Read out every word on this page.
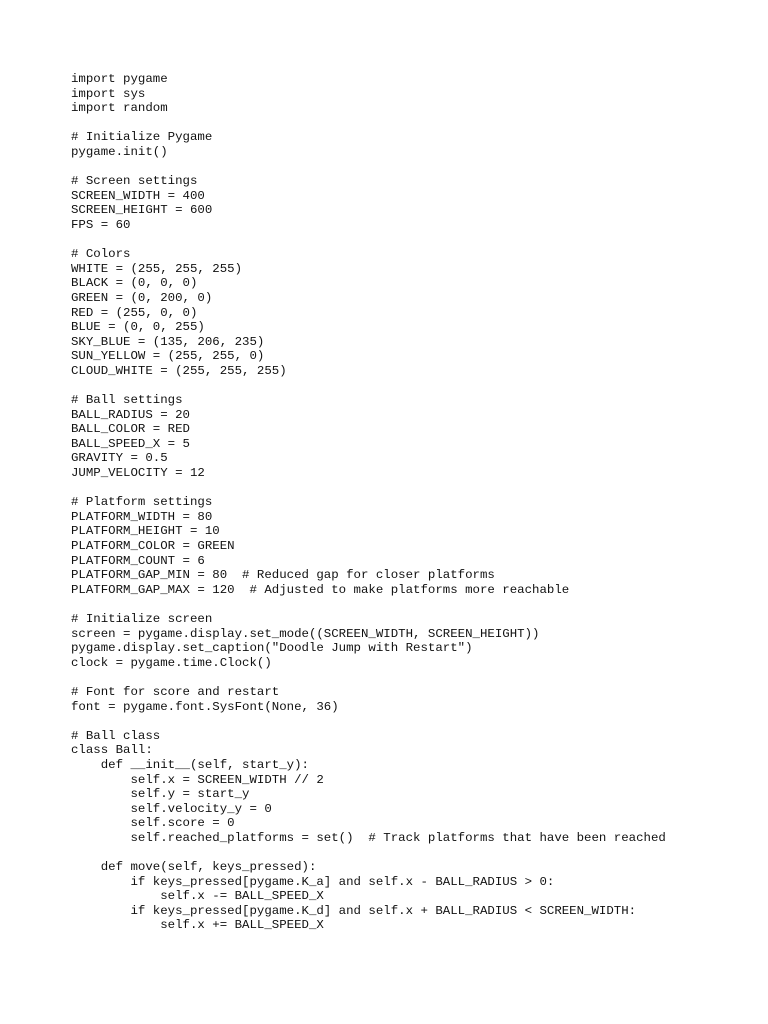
import pygame
import sys
import random
# Initialize Pygame
pygame.init()
# Screen settings
SCREEN_WIDTH = 400
SCREEN_HEIGHT = 600
FPS = 60
# Colors
WHITE = (255, 255, 255)
BLACK = (0, 0, 0)
GREEN = (0, 200, 0)
RED = (255, 0, 0)
BLUE = (0, 0, 255)
SKY_BLUE = (135, 206, 235)
SUN_YELLOW = (255, 255, 0)
CLOUD_WHITE = (255, 255, 255)
# Ball settings
BALL_RADIUS = 20
BALL_COLOR = RED
BALL_SPEED_X = 5
GRAVITY = 0.5
JUMP_VELOCITY = 12
# Platform settings
PLATFORM_WIDTH = 80
PLATFORM_HEIGHT = 10
PLATFORM_COLOR = GREEN
PLATFORM_COUNT = 6
PLATFORM_GAP_MIN = 80  # Reduced gap for closer platforms
PLATFORM_GAP_MAX = 120  # Adjusted to make platforms more reachable
# Initialize screen
screen = pygame.display.set_mode((SCREEN_WIDTH, SCREEN_HEIGHT))
pygame.display.set_caption("Doodle Jump with Restart")
clock = pygame.time.Clock()
# Font for score and restart
font = pygame.font.SysFont(None, 36)
# Ball class
class Ball:
def __init__(self, start_y):
self.x = SCREEN_WIDTH // 2
self.y = start_y
self.velocity_y = 0
self.score = 0
self.reached_platforms = set()  # Track platforms that have been reached
def move(self, keys_pressed):
if keys_pressed[pygame.K_a] and self.x - BALL_RADIUS > 0:
self.x -= BALL_SPEED_X
if keys_pressed[pygame.K_d] and self.x + BALL_RADIUS < SCREEN_WIDTH:
self.x += BALL_SPEED_X
